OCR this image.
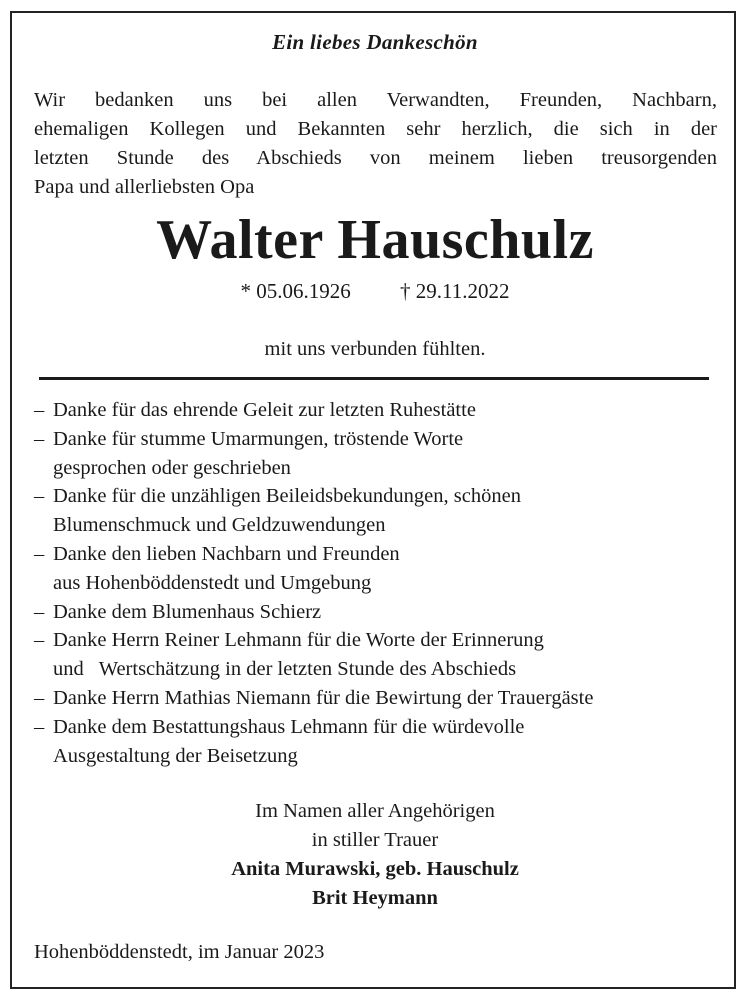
Ein liebes Dankeschön
Wir bedanken uns bei allen Verwandten, Freunden, Nachbarn,
ehemaligen Kollegen und Bekannten sehr herzlich, die sich in der
letzten Stunde des Abschieds von meinem lieben treusorgenden
Papa und allerliebsten Opa
Walter Hauschulz
* 05.06.1926 † 29.11.2022
mit uns verbunden fühlten.
– Danke für das ehrende Geleit zur letzten Ruhestätte
– Danke für stumme Umarmungen, tröstende Worte
gesprochen oder geschrieben
– Danke für die unzähligen Beileidsbekundungen, schönen
Blumenschmuck und Geldzuwendungen
– Danke den lieben Nachbarn und Freunden
aus Hohenböddenstedt und Umgebung
– Danke dem Blumenhaus Schierz
– Danke Herrn Reiner Lehmann für die Worte der Erinnerung
und   Wertschätzung in der letzten Stunde des Abschieds
– Danke Herrn Mathias Niemann für die Bewirtung der Trauergäste
– Danke dem Bestattungshaus Lehmann für die würdevolle
Ausgestaltung der Beisetzung
Im Namen aller Angehörigen
in stiller Trauer
Anita Murawski, geb. Hauschulz
Brit Heymann
Hohenböddenstedt, im Januar 2023
